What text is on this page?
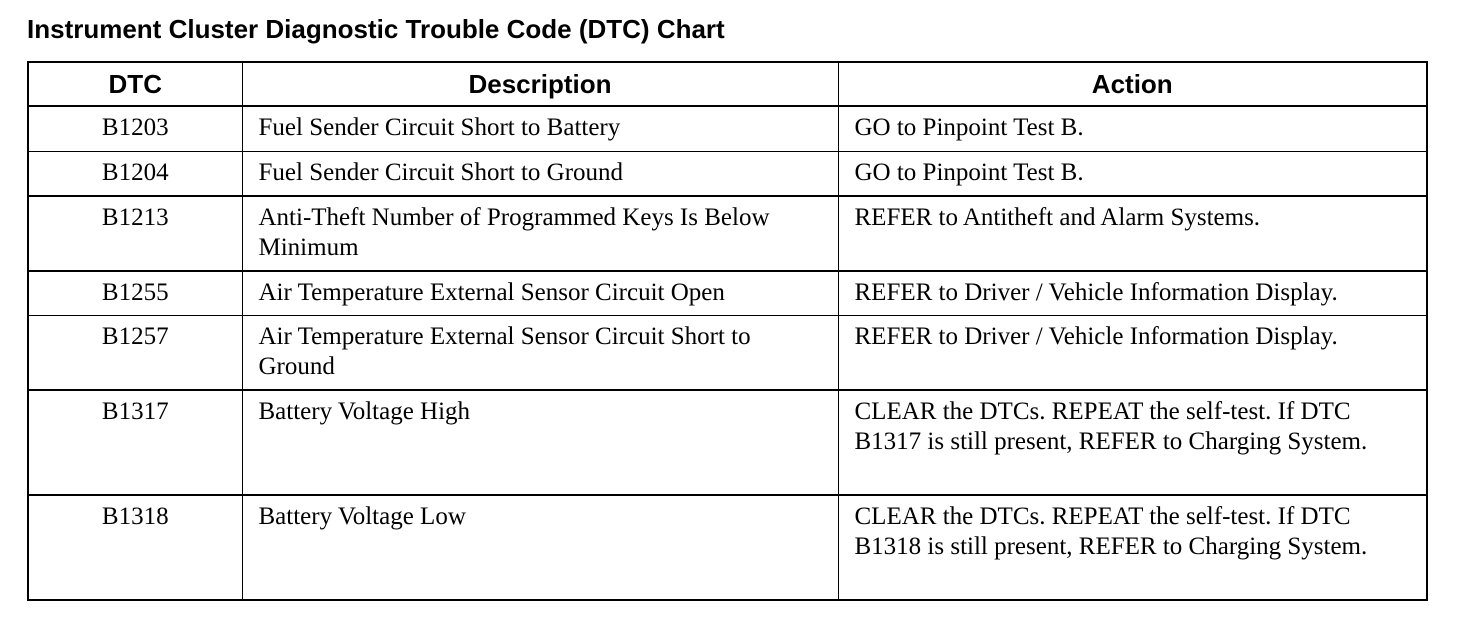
Instrument Cluster Diagnostic Trouble Code (DTC) Chart
DTC	Description	Action
B1203	Fuel Sender Circuit Short to Battery	GO to Pinpoint Test B.
B1204	Fuel Sender Circuit Short to Ground	GO to Pinpoint Test B.
B1213	Anti-Theft Number of Programmed Keys Is Below Minimum	REFER to Antitheft and Alarm Systems.
B1255	Air Temperature External Sensor Circuit Open	REFER to Driver / Vehicle Information Display.
B1257	Air Temperature External Sensor Circuit Short to Ground	REFER to Driver / Vehicle Information Display.
B1317	Battery Voltage High	CLEAR the DTCs. REPEAT the self-test. If DTC B1317 is still present, REFER to Charging System.
B1318	Battery Voltage Low	CLEAR the DTCs. REPEAT the self-test. If DTC B1318 is still present, REFER to Charging System.
